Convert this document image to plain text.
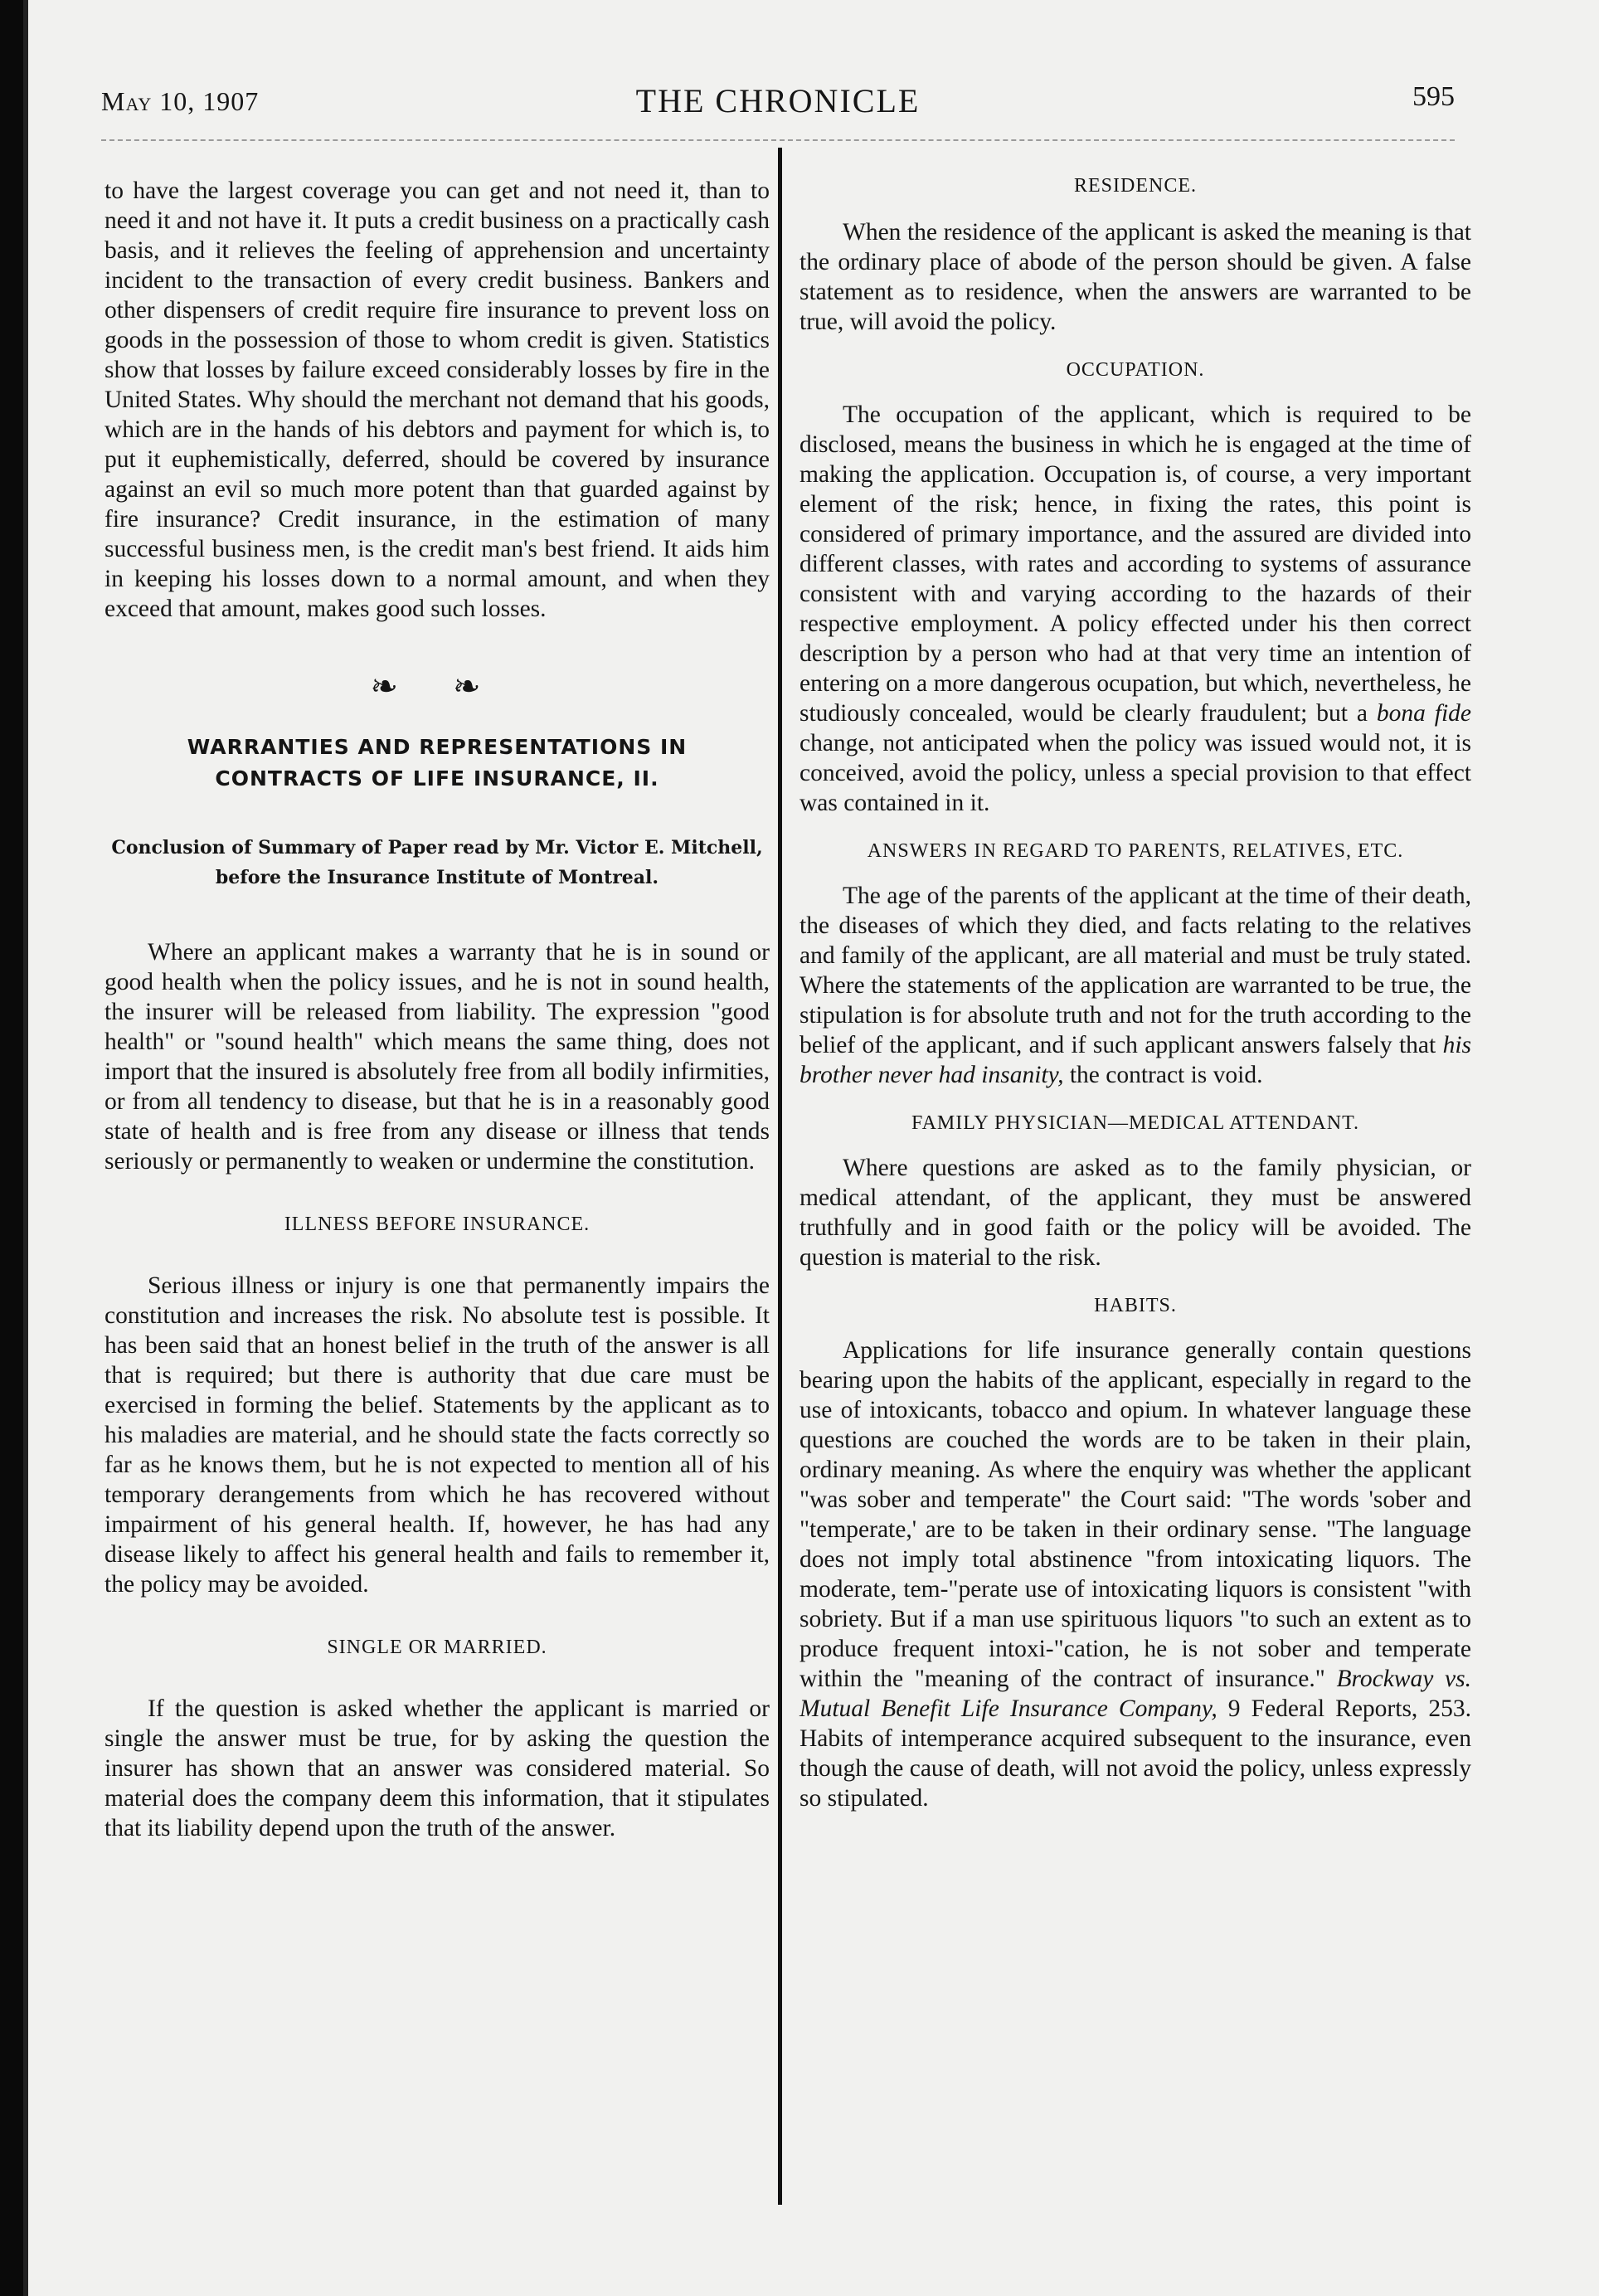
May 10, 1907	THE CHRONICLE	595

to have the largest coverage you can get and not need it, than to need it and not have it. It puts a credit business on a practically cash basis, and it relieves the feeling of apprehension and uncertainty incident to the transaction of every credit business. Bankers and other dispensers of credit require fire insurance to prevent loss on goods in the possession of those to whom credit is given. Statistics show that losses by failure exceed considerably losses by fire in the United States. Why should the merchant not demand that his goods, which are in the hands of his debtors and payment for which is, to put it euphemistically, deferred, should be covered by insurance against an evil so much more potent than that guarded against by fire insurance? Credit insurance, in the estimation of many successful business men, is the credit man's best friend. It aids him in keeping his losses down to a normal amount, and when they exceed that amount, makes good such losses.

❧ ❧
WARRANTIES AND REPRESENTATIONS IN
CONTRACTS OF LIFE INSURANCE, II.
Conclusion of Summary of Paper read by Mr. Victor E. Mitchell, before the Insurance Institute of Montreal.

Where an applicant makes a warranty that he is in sound or good health when the policy issues, and he is not in sound health, the insurer will be released from liability. The expression "good health" or "sound health" which means the same thing, does not import that the insured is absolutely free from all bodily infirmities, or from all tendency to disease, but that he is in a reasonably good state of health and is free from any disease or illness that tends seriously or permanently to weaken or undermine the constitution.

ILLNESS BEFORE INSURANCE.

Serious illness or injury is one that permanently impairs the constitution and increases the risk. No absolute test is possible. It has been said that an honest belief in the truth of the answer is all that is required; but there is authority that due care must be exercised in forming the belief. Statements by the applicant as to his maladies are material, and he should state the facts correctly so far as he knows them, but he is not expected to mention all of his temporary derangements from which he has recovered without impairment of his general health. If, however, he has had any disease likely to affect his general health and fails to remember it, the policy may be avoided.

SINGLE OR MARRIED.

If the question is asked whether the applicant is married or single the answer must be true, for by asking the question the insurer has shown that an answer was considered material. So material does the company deem this information, that it stipulates that its liability depend upon the truth of the answer.

RESIDENCE.

When the residence of the applicant is asked the meaning is that the ordinary place of abode of the person should be given. A false statement as to residence, when the answers are warranted to be true, will avoid the policy.

OCCUPATION.

The occupation of the applicant, which is required to be disclosed, means the business in which he is engaged at the time of making the application. Occupation is, of course, a very important element of the risk; hence, in fixing the rates, this point is considered of primary importance, and the assured are divided into different classes, with rates and according to systems of assurance consistent with and varying according to the hazards of their respective employment. A policy effected under his then correct description by a person who had at that very time an intention of entering on a more dangerous ocupation, but which, nevertheless, he studiously concealed, would be clearly fraudulent; but a bona fide change, not anticipated when the policy was issued would not, it is conceived, avoid the policy, unless a special provision to that effect was contained in it.

ANSWERS IN REGARD TO PARENTS, RELATIVES, ETC.

The age of the parents of the applicant at the time of their death, the diseases of which they died, and facts relating to the relatives and family of the applicant, are all material and must be truly stated. Where the statements of the application are warranted to be true, the stipulation is for absolute truth and not for the truth according to the belief of the applicant, and if such applicant answers falsely that his brother never had insanity, the contract is void.

FAMILY PHYSICIAN—MEDICAL ATTENDANT.

Where questions are asked as to the family physician, or medical attendant, of the applicant, they must be answered truthfully and in good faith or the policy will be avoided. The question is material to the risk.

HABITS.

Applications for life insurance generally contain questions bearing upon the habits of the applicant, especially in regard to the use of intoxicants, tobacco and opium. In whatever language these questions are couched the words are to be taken in their plain, ordinary meaning. As where the enquiry was whether the applicant "was sober and temperate" the Court said: "The words 'sober and "temperate,' are to be taken in their ordinary sense. "The language does not imply total abstinence "from intoxicating liquors. The moderate, tem-"perate use of intoxicating liquors is consistent "with sobriety. But if a man use spirituous liquors "to such an extent as to produce frequent intoxi-"cation, he is not sober and temperate within the "meaning of the contract of insurance." Brockway vs. Mutual Benefit Life Insurance Company, 9 Federal Reports, 253. Habits of intemperance acquired subsequent to the insurance, even though the cause of death, will not avoid the policy, unless expressly so stipulated.
